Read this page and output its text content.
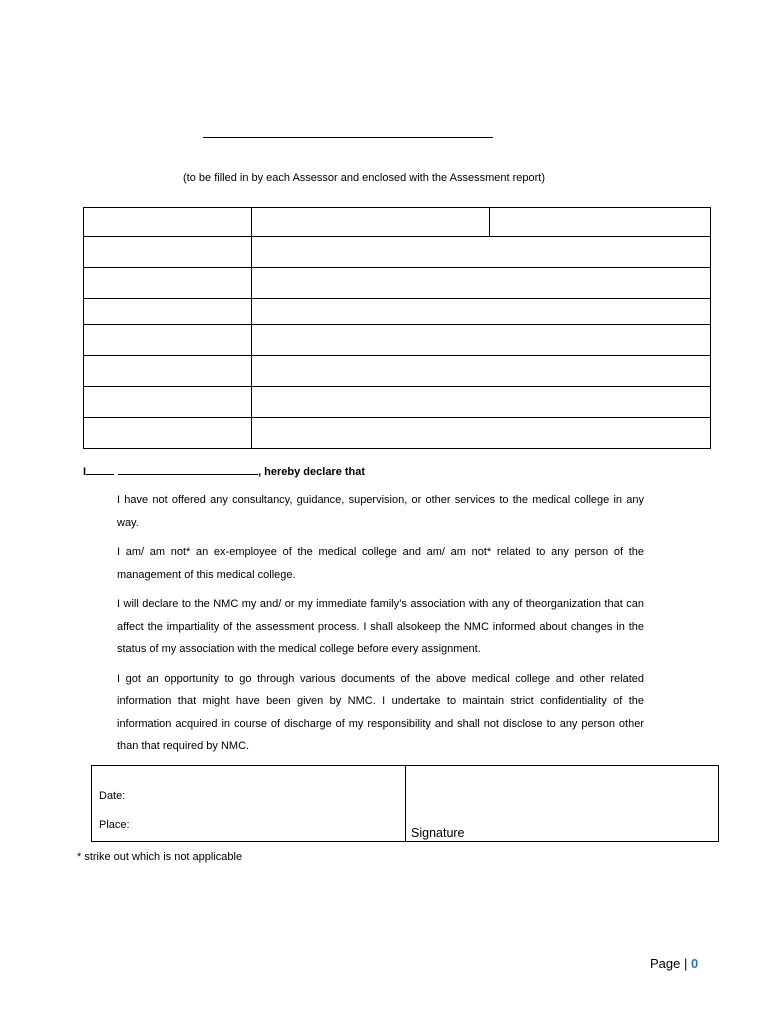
(to be filled in by each Assessor and enclosed with the Assessment report)

I	, hereby declare that

I have not offered any consultancy, guidance, supervision, or other services to the medical college in any way.

I am/ am not* an ex-employee of the medical college and am/ am not* related to any person of the management of this medical college.

I will declare to the NMC my and/ or my immediate family’s association with any of theorganization that can affect the impartiality of the assessment process. I shall alsokeep the NMC informed about changes in the status of my association with the medical college before every assignment.

I got an opportunity to go through various documents of the above medical college and other related information that might have been given by NMC. I undertake to maintain strict confidentiality of the information acquired in course of discharge of my responsibility and shall not disclose to any person other than that required by NMC.

Date:
Place:

Signature
* strike out which is not applicable
Page | 0
